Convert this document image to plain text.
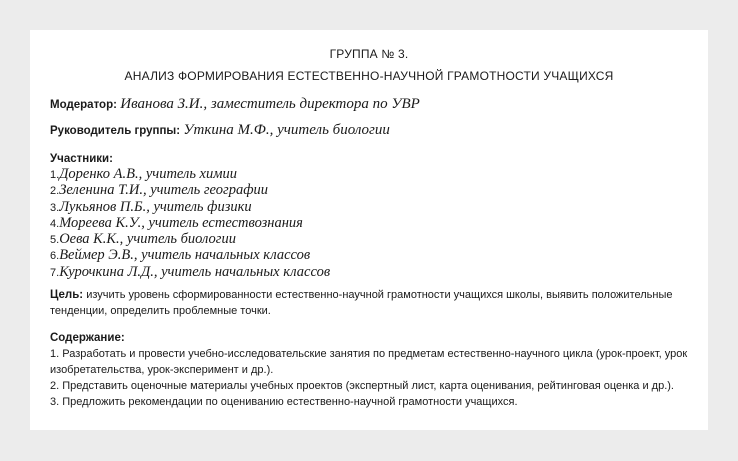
ГРУППА № 3.

АНАЛИЗ ФОРМИРОВАНИЯ ЕСТЕСТВЕННО-НАУЧНОЙ ГРАМОТНОСТИ УЧАЩИХСЯ

Модератор: Иванова З.И., заместитель директора по УВР
Руководитель группы: Уткина М.Ф., учитель биологии
Участники:
1.Доренко А.В., учитель химии
2.Зеленина Т.И., учитель географии
3.Лукьянов П.Б., учитель физики
4.Мореева К.У., учитель естествознания
5.Оева К.К., учитель биологии
6.Веймер Э.В., учитель начальных классов
7.Курочкина Л.Д., учитель начальных классов
Цель: изучить уровень сформированности естественно-научной грамотности учащихся школы, выявить положительные тенденции, определить проблемные точки.
Содержание:

1. Разработать и провести учебно-исследовательские занятия по предметам естественно-научного цикла (урок-проект, урок изобретательства, урок-эксперимент и др.).

2. Представить оценочные материалы учебных проектов (экспертный лист, карта оценивания, рейтинговая оценка и др.).

3. Предложить рекомендации по оцениванию естественно-научной грамотности учащихся.
